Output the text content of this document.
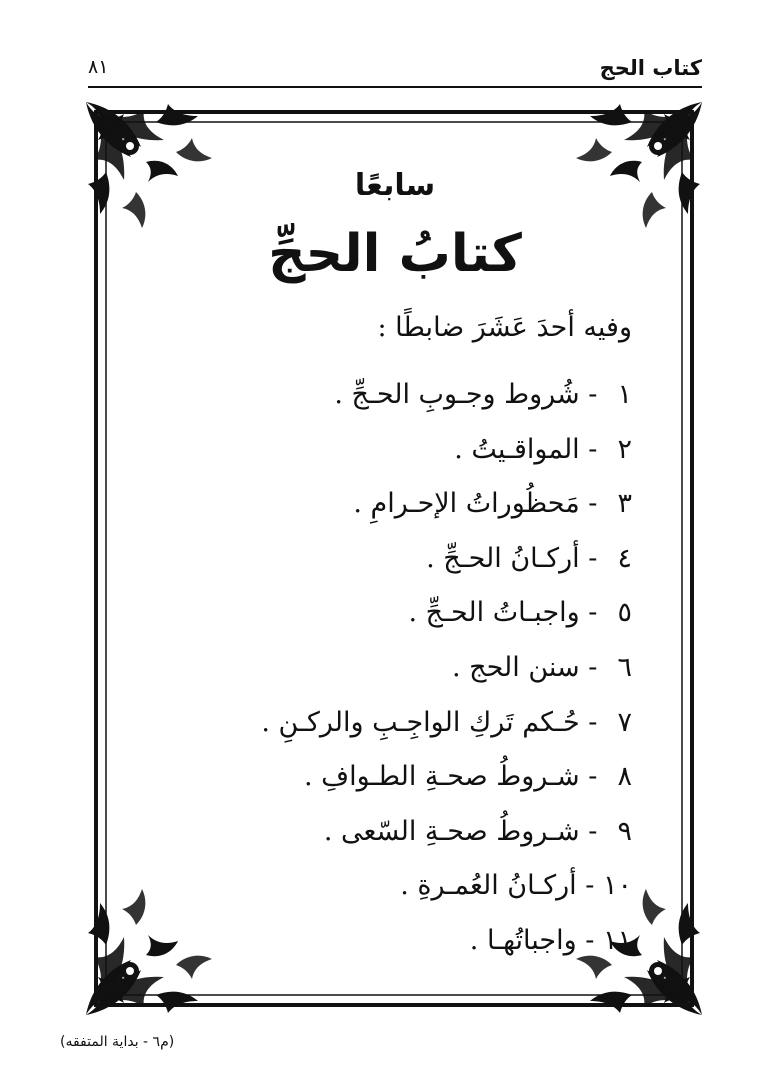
كتاب الحج
٨١
سابعًا
كتابُ الحجِّ
وفيه أحدَ عَشَرَ ضابطًا :
١ - شُروط وجـوبِ الحـجِّ .
٢ - المواقـيتُ .
٣ - مَحظُوراتُ الإحـرامِ .
٤ - أركـانُ الحـجِّ .
٥ - واجبـاتُ الحـجِّ .
٦ - سنن الحج .
٧ - حُـكم تَركِ الواجِـبِ والركـنِ .
٨ - شـروطُ صحـةِ الطـوافِ .
٩ - شـروطُ صحـةِ السّعى .
١٠ - أركـانُ العُمـرةِ .
١١ - واجباتُهـا .
(م٦ - بداية المتفقه)
